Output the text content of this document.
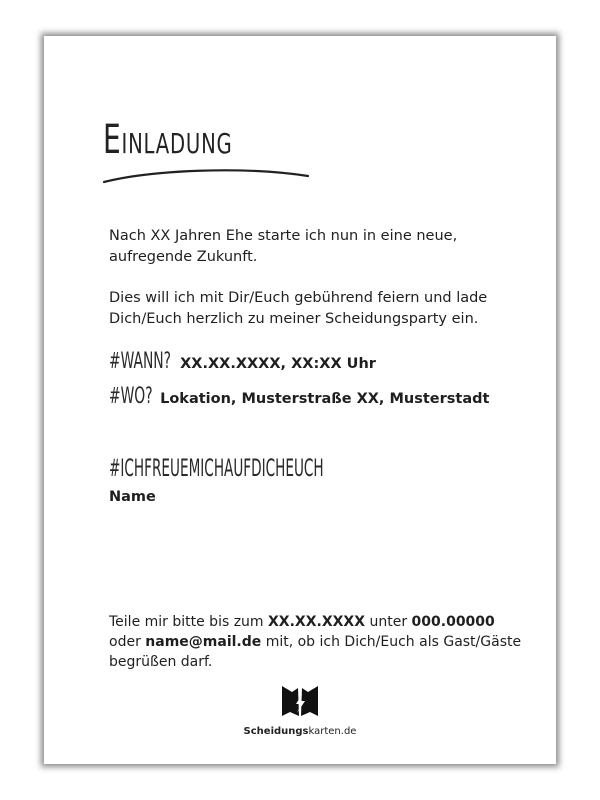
Einladung

Nach XX Jahren Ehe starte ich nun in eine neue, aufregende Zukunft.

Dies will ich mit Dir/Euch gebührend feiern und lade Dich/Euch herzlich zu meiner Scheidungsparty ein.

#WANN? XX.XX.XXXX, XX:XX Uhr
#WO? Lokation, Musterstraße XX, Musterstadt
#ICHFREUEMICHAUFDICHEUCH
Name

Teile mir bitte bis zum XX.XX.XXXX unter 000.00000 oder name@mail.de mit, ob ich Dich/Euch als Gast/Gäste begrüßen darf.

Scheidungskarten.de
